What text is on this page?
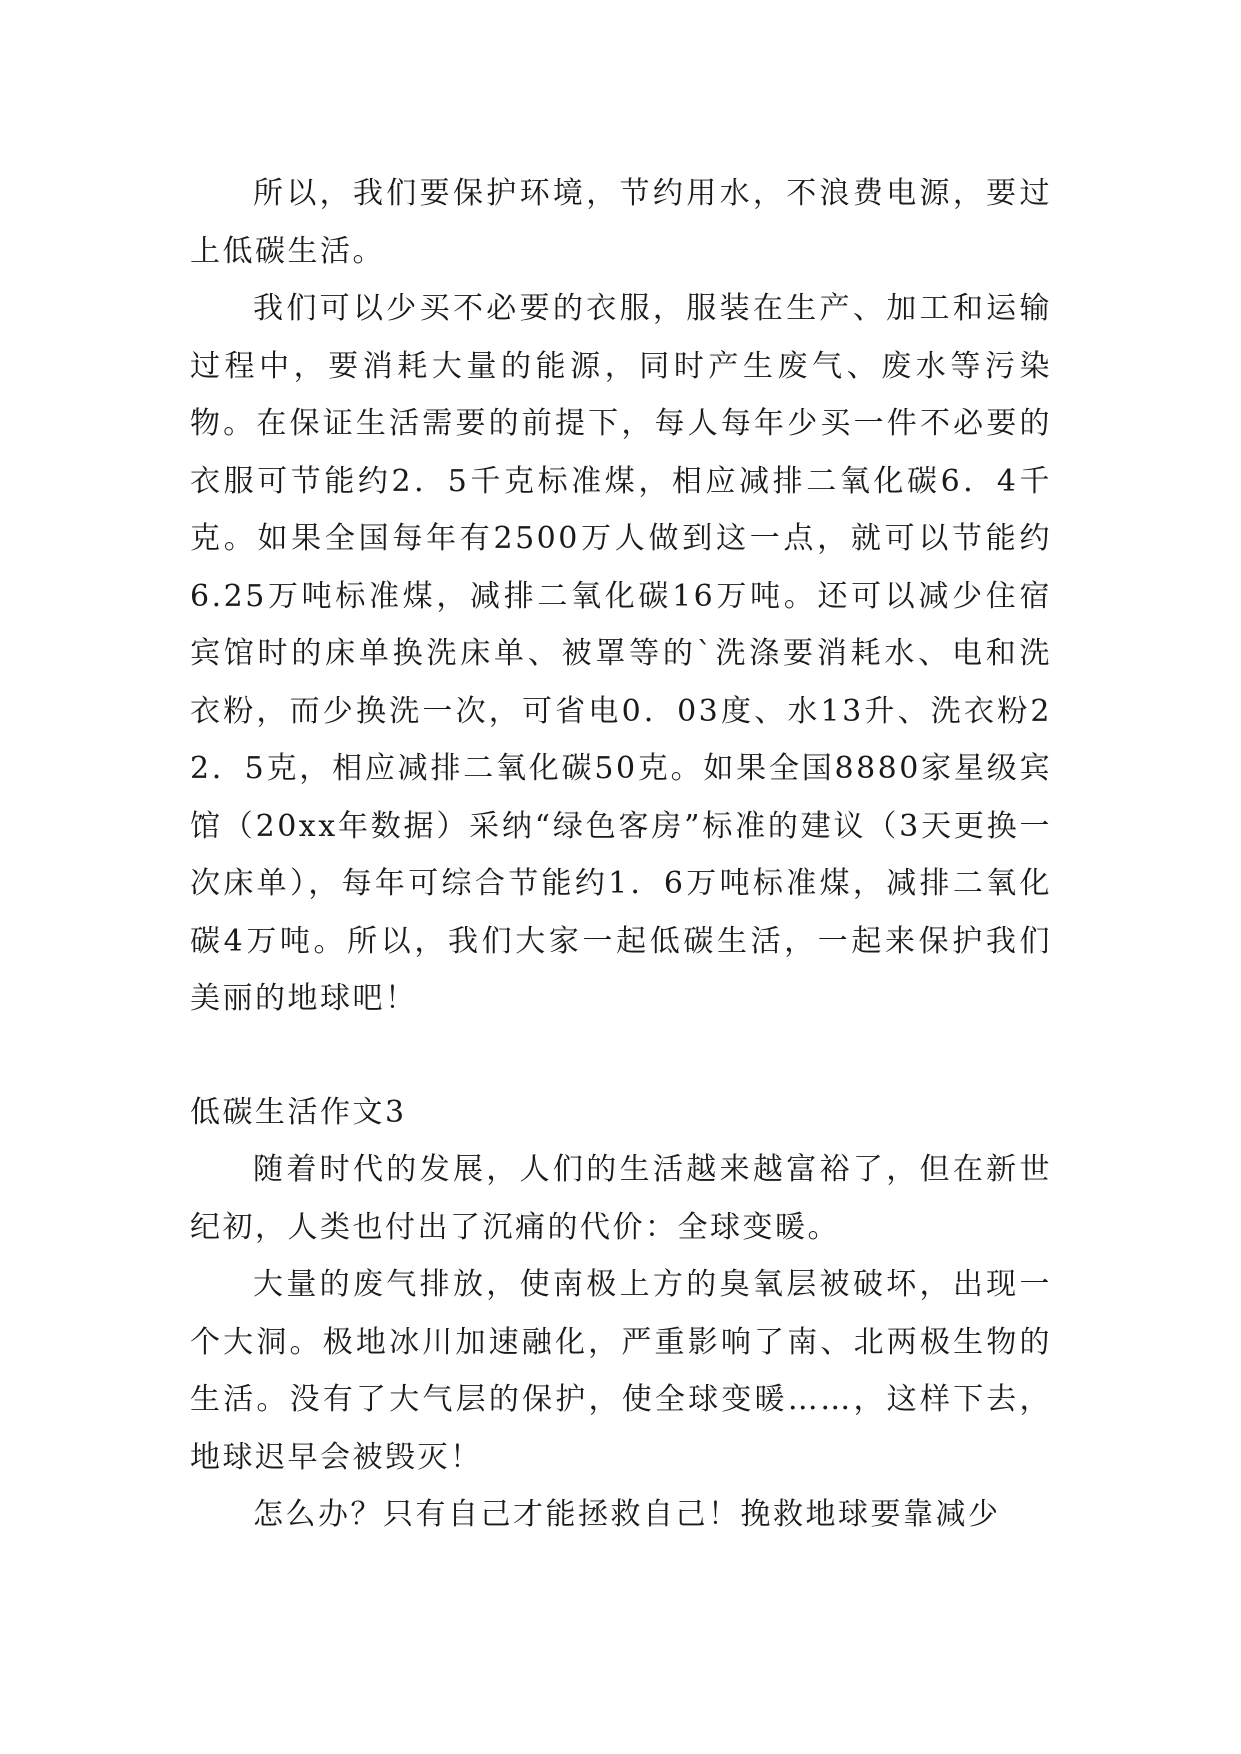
所以，我们要保护环境，节约用水，不浪费电源，要过上低碳生活。

我们可以少买不必要的衣服，服装在生产、加工和运输过程中，要消耗大量的能源，同时产生废气、废水等污染物。在保证生活需要的前提下，每人每年少买一件不必要的衣服可节能约2．5千克标准煤，相应减排二氧化碳6．4千克。如果全国每年有2500万人做到这一点，就可以节能约6.25万吨标准煤，减排二氧化碳16万吨。还可以减少住宿宾馆时的床单换洗床单、被罩等的`洗涤要消耗水、电和洗衣粉，而少换洗一次，可省电0．03度、水13升、洗衣粉22．5克，相应减排二氧化碳50克。如果全国8880家星级宾馆（20xx年数据）采纳“绿色客房”标准的建议（3天更换一次床单），每年可综合节能约1．6万吨标准煤，减排二氧化碳4万吨。所以，我们大家一起低碳生活，一起来保护我们美丽的地球吧！

低碳生活作文3

随着时代的发展，人们的生活越来越富裕了，但在新世纪初，人类也付出了沉痛的代价：全球变暖。

大量的废气排放，使南极上方的臭氧层被破坏，出现一个大洞。极地冰川加速融化，严重影响了南、北两极生物的生活。没有了大气层的保护，使全球变暖……，这样下去，地球迟早会被毁灭！

怎么办？只有自己才能拯救自己！挽救地球要靠减少
